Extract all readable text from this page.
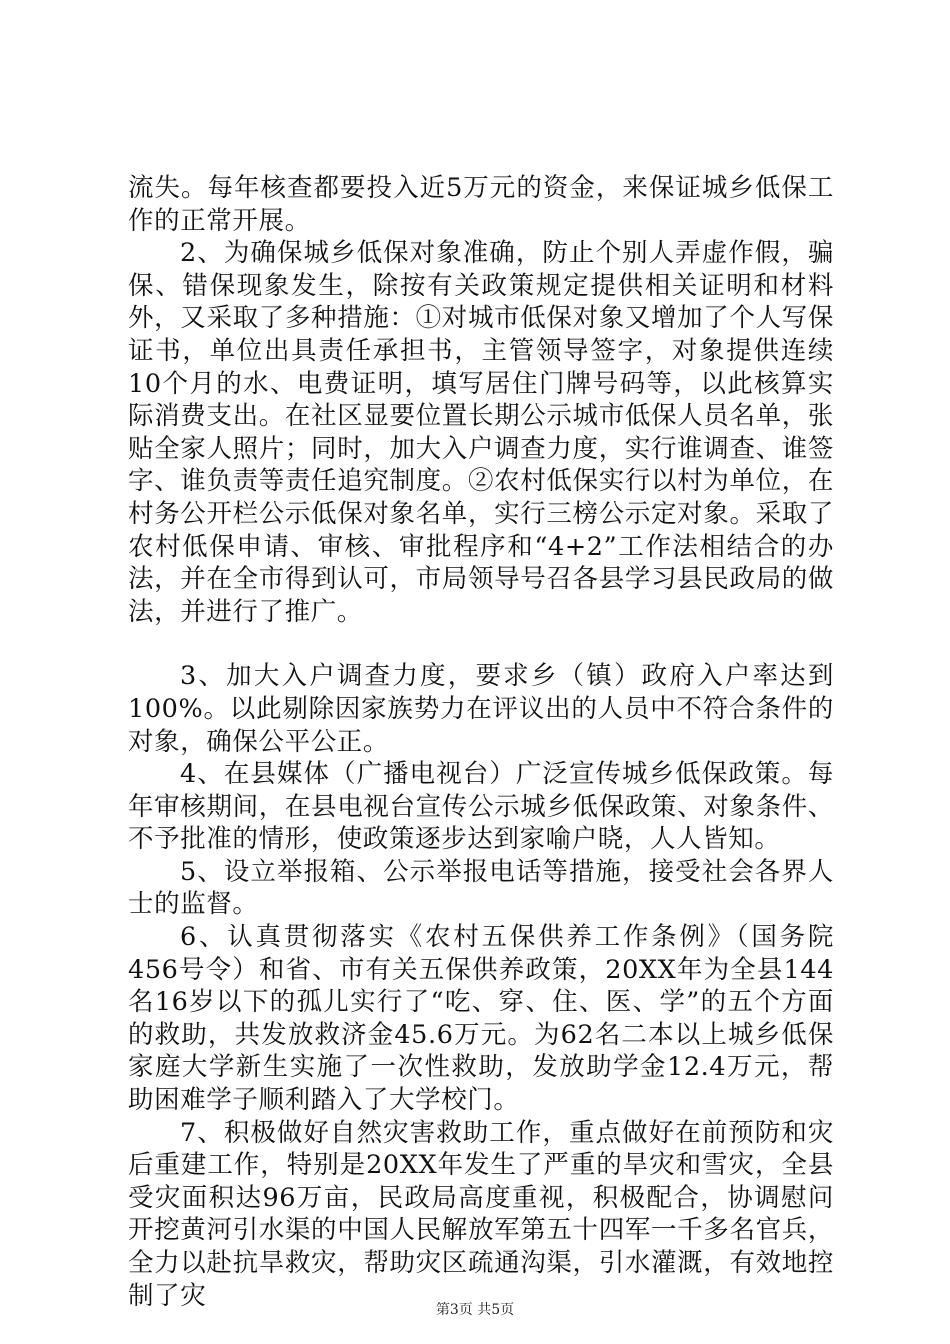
流失。每年核查都要投入近5万元的资金，来保证城乡低保工作的正常开展。

2、为确保城乡低保对象准确，防止个别人弄虚作假，骗保、错保现象发生，除按有关政策规定提供相关证明和材料外，又采取了多种措施：①对城市低保对象又增加了个人写保证书，单位出具责任承担书，主管领导签字，对象提供连续10个月的水、电费证明，填写居住门牌号码等，以此核算实际消费支出。在社区显要位置长期公示城市低保人员名单，张贴全家人照片；同时，加大入户调查力度，实行谁调查、谁签字、谁负责等责任追究制度。②农村低保实行以村为单位，在村务公开栏公示低保对象名单，实行三榜公示定对象。采取了农村低保申请、审核、审批程序和“4+2”工作法相结合的办法，并在全市得到认可，市局领导号召各县学习县民政局的做法，并进行了推广。

3、加大入户调查力度，要求乡（镇）政府入户率达到100%。以此剔除因家族势力在评议出的人员中不符合条件的对象，确保公平公正。

4、在县媒体（广播电视台）广泛宣传城乡低保政策。每年审核期间，在县电视台宣传公示城乡低保政策、对象条件、不予批准的情形，使政策逐步达到家喻户晓，人人皆知。

5、设立举报箱、公示举报电话等措施，接受社会各界人士的监督。

6、认真贯彻落实《农村五保供养工作条例》（国务院456号令）和省、市有关五保供养政策，20XX年为全县144名16岁以下的孤儿实行了“吃、穿、住、医、学”的五个方面的救助，共发放救济金45.6万元。为62名二本以上城乡低保家庭大学新生实施了一次性救助，发放助学金12.4万元，帮助困难学子顺利踏入了大学校门。

7、积极做好自然灾害救助工作，重点做好在前预防和灾后重建工作，特别是20XX年发生了严重的旱灾和雪灾，全县受灾面积达96万亩，民政局高度重视，积极配合，协调慰问开挖黄河引水渠的中国人民解放军第五十四军一千多名官兵，全力以赴抗旱救灾，帮助灾区疏通沟渠，引水灌溉，有效地控制了灾	第3页 共5页
